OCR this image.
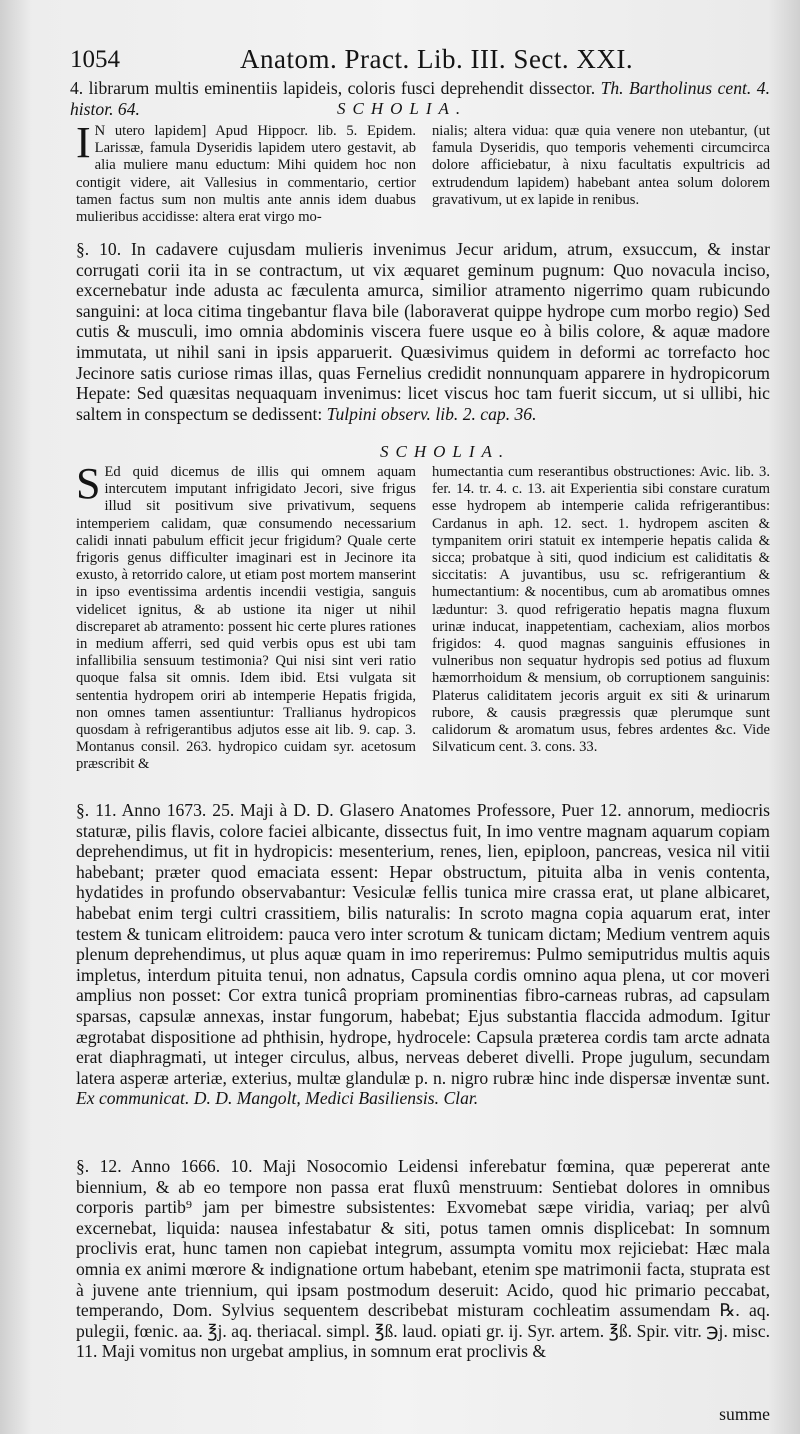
1054	Anatom. Pract. Lib. III. Sect. XXI.

4. librarum multis eminentiis lapideis, coloris fusci deprehendit dissector. Th. Bartholinus cent. 4. histor. 64.	SCHOLIA.

I N utero lapidem] Apud Hippocr. lib. 5. Epidem. Larissæ, famula Dyseridis lapidem utero gestavit, ab alia muliere manu eductum: Mihi quidem hoc non contigit videre, ait Vallesius in commentario, certior tamen factus sum non multis ante annis idem duabus mulieribus accidisse: altera erat virgo mo-

nialis; altera vidua: quæ quia venere non utebantur, (ut famula Dyseridis, quo temporis vehementi circumcirca dolore afficiebatur, à nixu facultatis expultricis ad extrudendum lapidem) habebant antea solum dolorem gravativum, ut ex lapide in renibus.

§. 10. In cadavere cujusdam mulieris invenimus Jecur aridum, atrum, exsuccum, & instar corrugati corii ita in se contractum, ut vix æquaret geminum pugnum: Quo novacula inciso, excernebatur inde adusta ac fæculenta amurca, similior atramento nigerrimo quam rubicundo sanguini: at loca citima tingebantur flava bile (laboraverat quippe hydrope cum morbo regio) Sed cutis & musculi, imo omnia abdominis viscera fuere usque eo à bilis colore, & aquæ madore immutata, ut nihil sani in ipsis apparuerit. Quæsivimus quidem in deformi ac torrefacto hoc Jecinore satis curiose rimas illas, quas Fernelius credidit nonnunquam apparere in hydropicorum Hepate: Sed quæsitas nequaquam invenimus: licet viscus hoc tam fuerit siccum, ut si ullibi, hic saltem in conspectum se dedissent: Tulpini observ. lib. 2. cap. 36.

SCHOLIA.

S Ed quid dicemus de illis qui omnem aquam intercutem imputant infrigidato Jecori, sive frigus illud sit positivum sive privativum, sequens intemperiem calidam, quæ consumendo necessarium calidi innati pabulum efficit jecur frigidum? Quale certe frigoris genus difficulter imaginari est in Jecinore ita exusto, à retorrido calore, ut etiam post mortem manserint in ipso eventissima ardentis incendii vestigia, sanguis videlicet ignitus, & ab ustione ita niger ut nihil discreparet ab atramento: possent hic certe plures rationes in medium afferri, sed quid verbis opus est ubi tam infallibilia sensuum testimonia? Qui nisi sint veri ratio quoque falsa sit omnis. Idem ibid. Etsi vulgata sit sententia hydropem oriri ab intemperie Hepatis frigida, non omnes tamen assentiuntur: Trallianus hydropicos quosdam à refrigerantibus adjutos esse ait lib. 9. cap. 3. Montanus consil. 263. hydropico cuidam syr. acetosum præscribit &

humectantia cum reserantibus obstructiones: Avic. lib. 3. fer. 14. tr. 4. c. 13. ait Experientia sibi constare curatum esse hydropem ab intemperie calida refrigerantibus: Cardanus in aph. 12. sect. 1. hydropem asciten & tympanitem oriri statuit ex intemperie hepatis calida & sicca; probatque à siti, quod indicium est caliditatis & siccitatis: A juvantibus, usu sc. refrigerantium & humectantium: & nocentibus, cum ab aromatibus omnes læduntur: 3. quod refrigeratio hepatis magna fluxum urinæ inducat, inappetentiam, cachexiam, alios morbos frigidos: 4. quod magnas sanguinis effusiones in vulneribus non sequatur hydropis sed potius ad fluxum hæmorrhoidum & mensium, ob corruptionem sanguinis: Platerus caliditatem jecoris arguit ex siti & urinarum rubore, & causis prægressis quæ plerumque sunt calidorum & aromatum usus, febres ardentes &c. Vide Silvaticum cent. 3. cons. 33.

§. 11. Anno 1673. 25. Maji à D. D. Glasero Anatomes Professore, Puer 12. annorum, mediocris staturæ, pilis flavis, colore faciei albicante, dissectus fuit, In imo ventre magnam aquarum copiam deprehendimus, ut fit in hydropicis: mesenterium, renes, lien, epiploon, pancreas, vesica nil vitii habebant; præter quod emaciata essent: Hepar obstructum, pituita alba in venis contenta, hydatides in profundo observabantur: Vesiculæ fellis tunica mire crassa erat, ut plane albicaret, habebat enim tergi cultri crassitiem, bilis naturalis: In scroto magna copia aquarum erat, inter testem & tunicam elitroidem: pauca vero inter scrotum & tunicam dictam; Medium ventrem aquis plenum deprehendimus, ut plus aquæ quam in imo reperiremus: Pulmo semiputridus multis aquis impletus, interdum pituita tenui, non adnatus, Capsula cordis omnino aqua plena, ut cor moveri amplius non posset: Cor extra tunicâ propriam prominentias fibro-carneas rubras, ad capsulam sparsas, capsulæ annexas, instar fungorum, habebat; Ejus substantia flaccida admodum. Igitur ægrotabat dispositione ad phthisin, hydrope, hydrocele: Capsula præterea cordis tam arcte adnata erat diaphragmati, ut integer circulus, albus, nerveas deberet divelli. Prope jugulum, secundam latera asperæ arteriæ, exterius, multæ glandulæ p. n. nigro rubræ hinc inde dispersæ inventæ sunt. Ex communicat. D. D. Mangolt, Medici Basiliensis. Clar.

§. 12. Anno 1666. 10. Maji Nosocomio Leidensi inferebatur fœmina, quæ pepererat ante biennium, & ab eo tempore non passa erat fluxû menstruum: Sentiebat dolores in omnibus corporis partib⁹ jam per bimestre subsistentes: Exvomebat sæpe viridia, variaq; per alvû excernebat, liquida: nausea infestabatur & siti, potus tamen omnis displicebat: In somnum proclivis erat, hunc tamen non capiebat integrum, assumpta vomitu mox rejiciebat: Hæc mala omnia ex animi mœrore & indignatione ortum habebant, etenim spe matrimonii facta, stuprata est à juvene ante triennium, qui ipsam postmodum deseruit: Acido, quod hic primario peccabat, temperando, Dom. Sylvius sequentem describebat misturam cochleatim assumendam ℞. aq. pulegii, fœnic. aa. ℥j. aq. theriacal. simpl. ℥ß. laud. opiati gr. ij. Syr. artem. ℥ß. Spir. vitr. ℈j. misc. 11. Maji vomitus non urgebat amplius, in somnum erat proclivis &

summe
